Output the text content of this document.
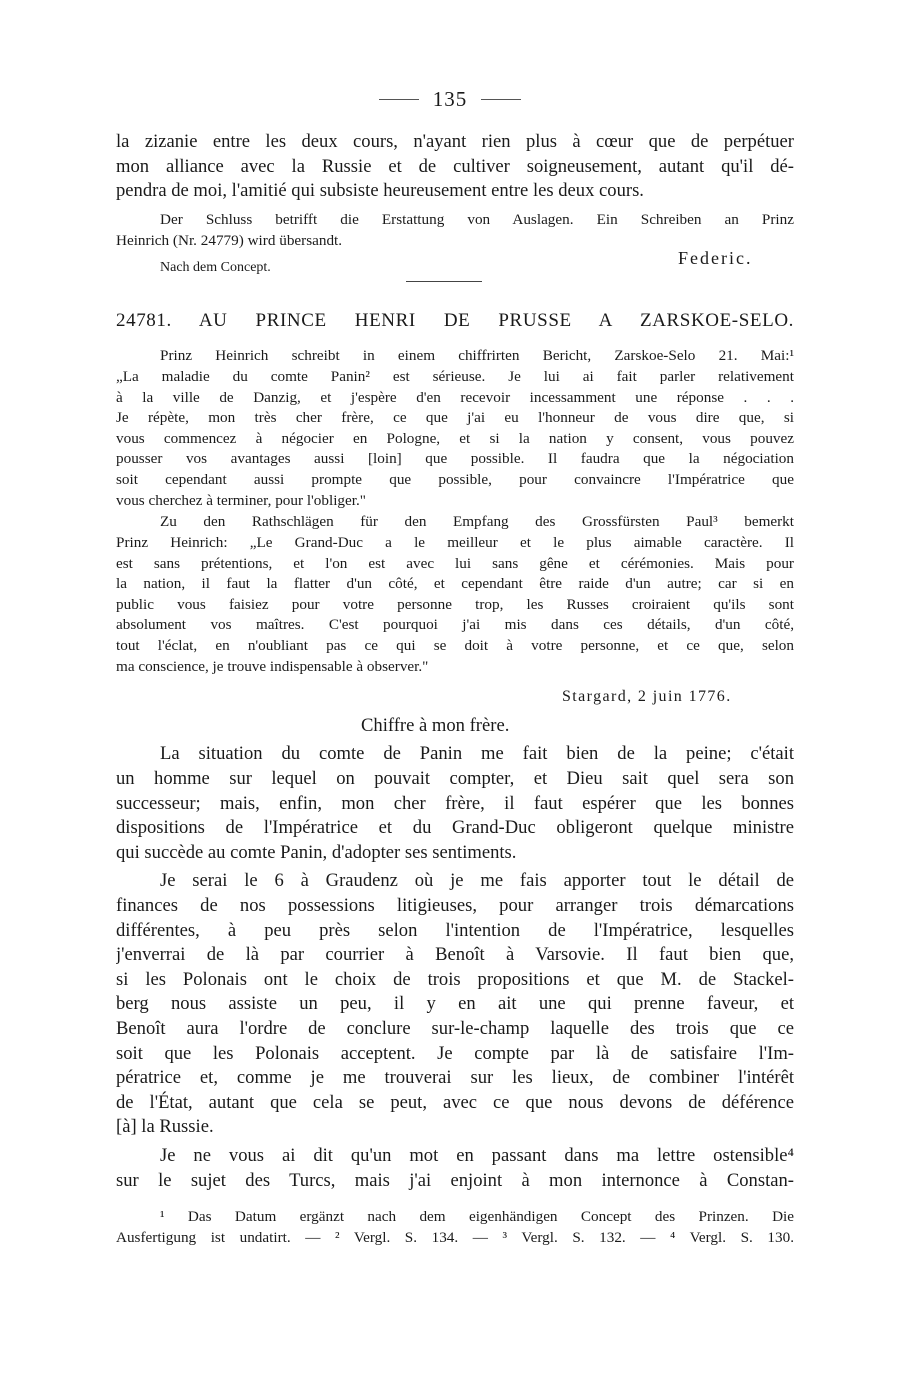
135
la zizanie entre les deux cours, n'ayant rien plus à cœur que de perpétuer
mon alliance avec la Russie et de cultiver soigneusement, autant qu'il dé-
pendra de moi, l'amitié qui subsiste heureusement entre les deux cours.
Der Schluss betrifft die Erstattung von Auslagen. Ein Schreiben an Prinz
Heinrich (Nr. 24779) wird übersandt.
Nach dem Concept.	Federic.
24781. AU PRINCE HENRI DE PRUSSE A ZARSKOE-SELO.
Prinz Heinrich schreibt in einem chiffrirten Bericht, Zarskoe-Selo 21. Mai:¹
„La maladie du comte Panin² est sérieuse. Je lui ai fait parler relativement
à la ville de Danzig, et j'espère d'en recevoir incessamment une réponse . . .
Je répète, mon très cher frère, ce que j'ai eu l'honneur de vous dire que, si
vous commencez à négocier en Pologne, et si la nation y consent, vous pouvez
pousser vos avantages aussi [loin] que possible. Il faudra que la négociation
soit cependant aussi prompte que possible, pour convaincre l'Impératrice que
vous cherchez à terminer, pour l'obliger."
Zu den Rathschlägen für den Empfang des Grossfürsten Paul³ bemerkt
Prinz Heinrich: „Le Grand-Duc a le meilleur et le plus aimable caractère. Il
est sans prétentions, et l'on est avec lui sans gêne et cérémonies. Mais pour
la nation, il faut la flatter d'un côté, et cependant être raide d'un autre; car si en
public vous faisiez pour votre personne trop, les Russes croiraient qu'ils sont
absolument vos maîtres. C'est pourquoi j'ai mis dans ces détails, d'un côté,
tout l'éclat, en n'oubliant pas ce qui se doit à votre personne, et ce que, selon
ma conscience, je trouve indispensable à observer."
Stargard, 2 juin 1776.
Chiffre à mon frère.
La situation du comte de Panin me fait bien de la peine; c'était
un homme sur lequel on pouvait compter, et Dieu sait quel sera son
successeur; mais, enfin, mon cher frère, il faut espérer que les bonnes
dispositions de l'Impératrice et du Grand-Duc obligeront quelque ministre
qui succède au comte Panin, d'adopter ses sentiments.
Je serai le 6 à Graudenz où je me fais apporter tout le détail de
finances de nos possessions litigieuses, pour arranger trois démarcations
différentes, à peu près selon l'intention de l'Impératrice, lesquelles
j'enverrai de là par courrier à Benoît à Varsovie. Il faut bien que,
si les Polonais ont le choix de trois propositions et que M. de Stackel-
berg nous assiste un peu, il y en ait une qui prenne faveur, et
Benoît aura l'ordre de conclure sur-le-champ laquelle des trois que ce
soit que les Polonais acceptent. Je compte par là de satisfaire l'Im-
pératrice et, comme je me trouverai sur les lieux, de combiner l'intérêt
de l'État, autant que cela se peut, avec ce que nous devons de déférence
[à] la Russie.
Je ne vous ai dit qu'un mot en passant dans ma lettre ostensible⁴
sur le sujet des Turcs, mais j'ai enjoint à mon internonce à Constan-
¹ Das Datum ergänzt nach dem eigenhändigen Concept des Prinzen. Die
Ausfertigung ist undatirt. — ² Vergl. S. 134. — ³ Vergl. S. 132. — ⁴ Vergl. S. 130.
